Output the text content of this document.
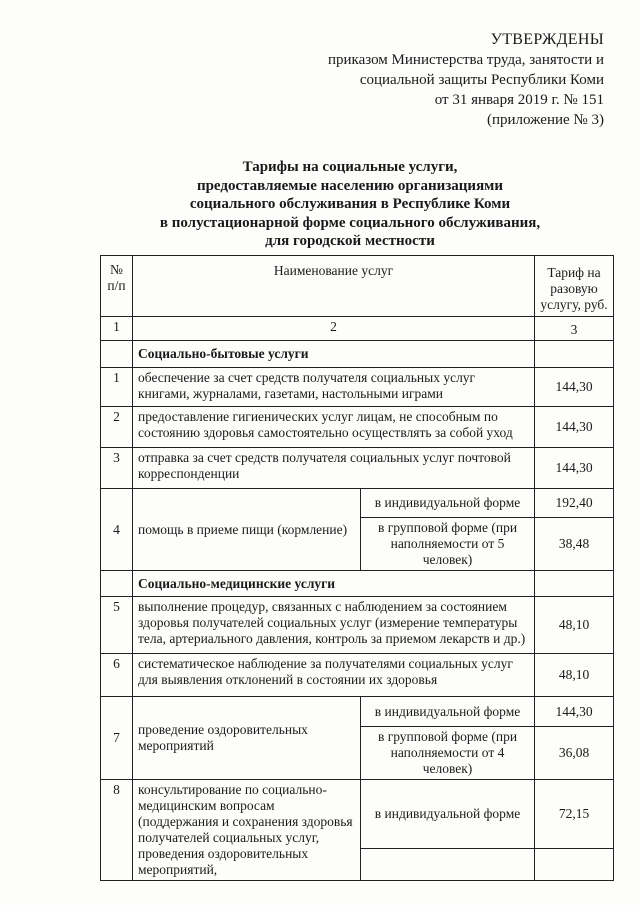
УТВЕРЖДЕНЫ
приказом Министерства труда, занятости и
социальной защиты Республики Коми
от 31 января 2019 г. № 151
(приложение № 3)
Тарифы на социальные услуги,
предоставляемые населению организациями
социального обслуживания в Республике Коми
в полустационарной форме социального обслуживания,
для городской местности
№ п/п	Наименование услуг		Тариф на разовую услугу, руб.
1	2		3
	Социально-бытовые услуги		
1	обеспечение за счет средств получателя социальных услуг книгами, журналами, газетами, настольными играми		144,30
2	предоставление гигиенических услуг лицам, не способным по состоянию здоровья самостоятельно осуществлять за собой уход		144,30
3	отправка за счет средств получателя социальных услуг почтовой корреспонденции		144,30
4	помощь в приеме пищи (кормление)	в индивидуальной форме	192,40
		в групповой форме (при наполняемости от 5 человек)	38,48
	Социально-медицинские услуги		
5	выполнение процедур, связанных с наблюдением за состоянием здоровья получателей социальных услуг (измерение температуры тела, артериального давления, контроль за приемом лекарств и др.)		48,10
6	систематическое наблюдение за получателями социальных услуг для выявления отклонений в состоянии их здоровья		48,10
7	проведение оздоровительных мероприятий	в индивидуальной форме	144,30
		в групповой форме (при наполняемости от 4 человек)	36,08
8	консультирование по социально-медицинским вопросам (поддержания и сохранения здоровья получателей социальных услуг, проведения оздоровительных мероприятий,	в индивидуальной форме	72,15
